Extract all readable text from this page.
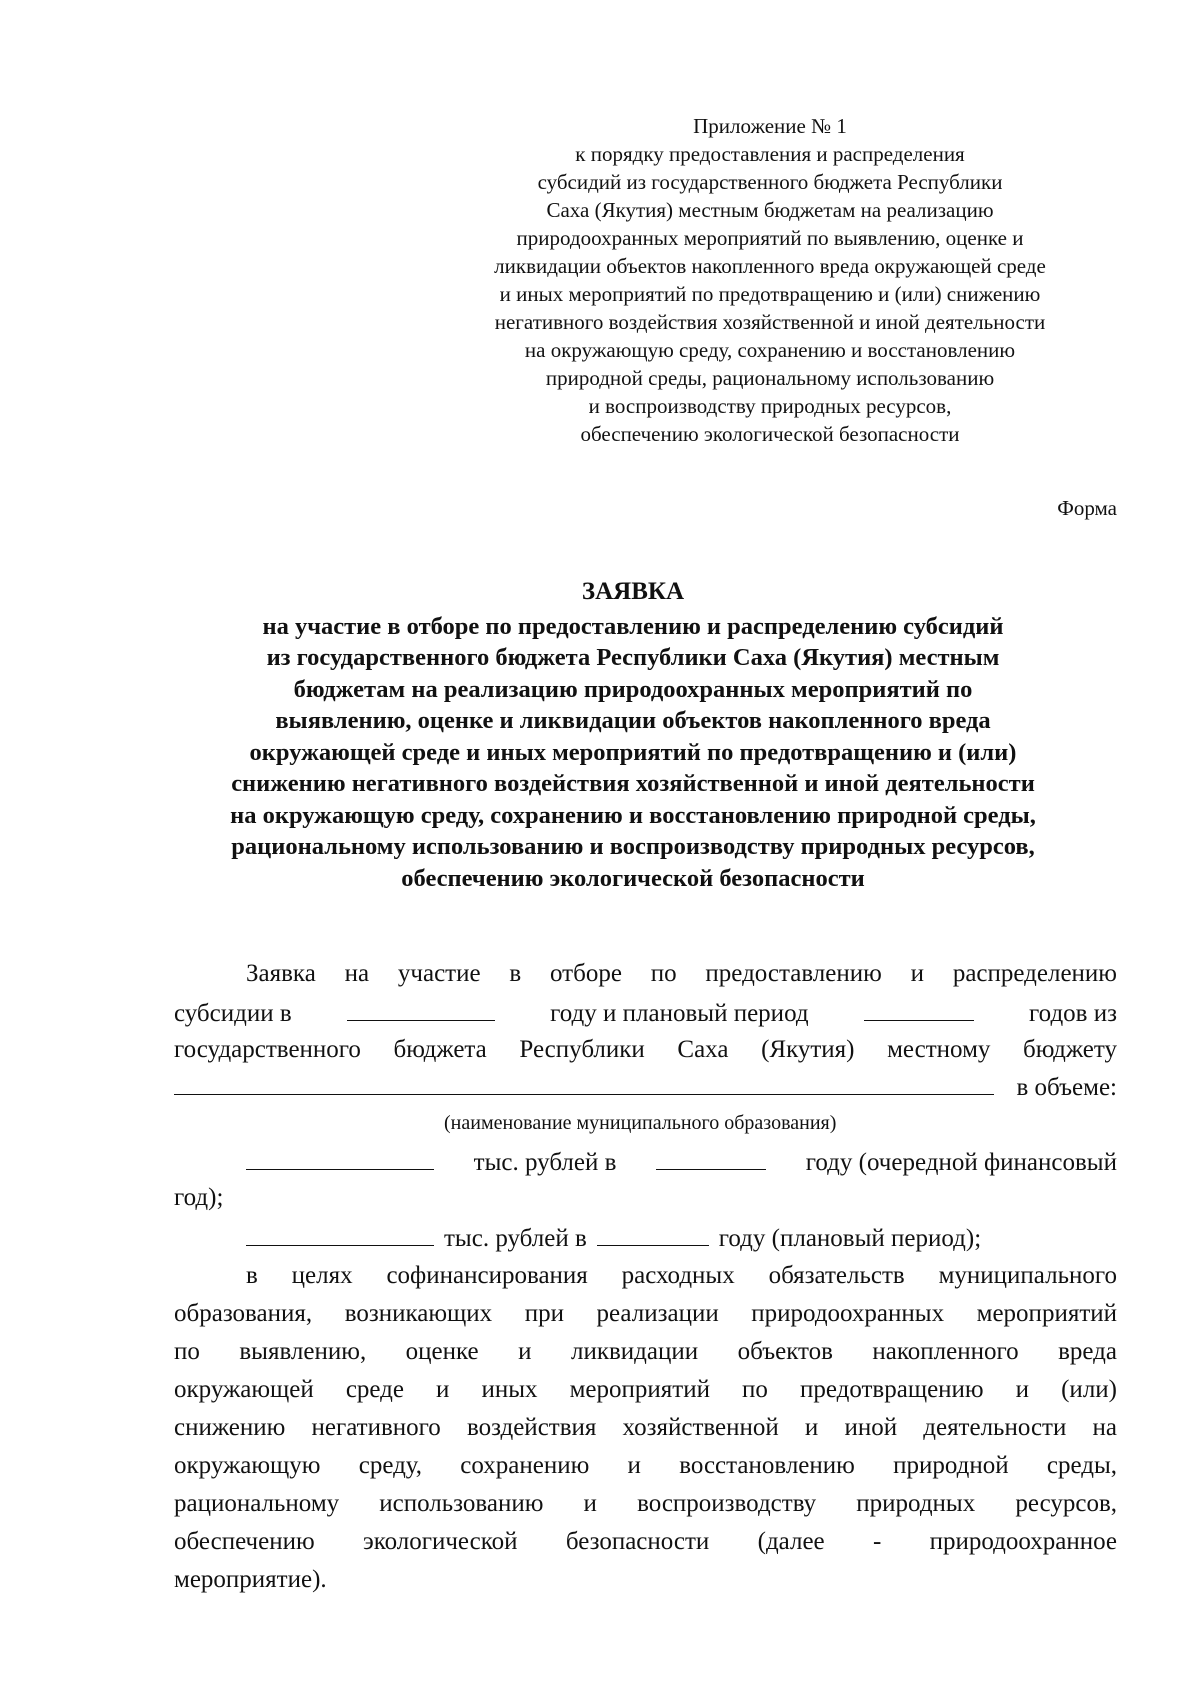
Приложение № 1
к порядку предоставления и распределения
субсидий из государственного бюджета Республики
Саха (Якутия) местным бюджетам на реализацию
природоохранных мероприятий по выявлению, оценке и
ликвидации объектов накопленного вреда окружающей среде
и иных мероприятий по предотвращению и (или) снижению
негативного воздействия хозяйственной и иной деятельности
на окружающую среду, сохранению и восстановлению
природной среды, рациональному использованию
и воспроизводству природных ресурсов,
обеспечению экологической безопасности
Форма
ЗАЯВКА
на участие в отборе по предоставлению и распределению субсидий
из государственного бюджета Республики Саха (Якутия) местным
бюджетам на реализацию природоохранных мероприятий по
выявлению, оценке и ликвидации объектов накопленного вреда
окружающей среде и иных мероприятий по предотвращению и (или)
снижению негативного воздействия хозяйственной и иной деятельности
на окружающую среду, сохранению и восстановлению природной среды,
рациональному использованию и воспроизводству природных ресурсов,
обеспечению экологической безопасности
Заявка на участие в отборе по предоставлению и распределению
субсидии в	году и плановый период	годов из
государственного бюджета Республики Саха (Якутия) местному бюджету
в объеме:
(наименование муниципального образования)
тыс. рублей в	году (очередной финансовый
год);
тыс. рублей в	году (плановый период);
в целях софинансирования расходных обязательств муниципального
образования, возникающих при реализации природоохранных мероприятий
по выявлению, оценке и ликвидации объектов накопленного вреда
окружающей среде и иных мероприятий по предотвращению и (или)
снижению негативного воздействия хозяйственной и иной деятельности на
окружающую среду, сохранению и восстановлению природной среды,
рациональному использованию и воспроизводству природных ресурсов,
обеспечению экологической безопасности (далее - природоохранное
мероприятие).
